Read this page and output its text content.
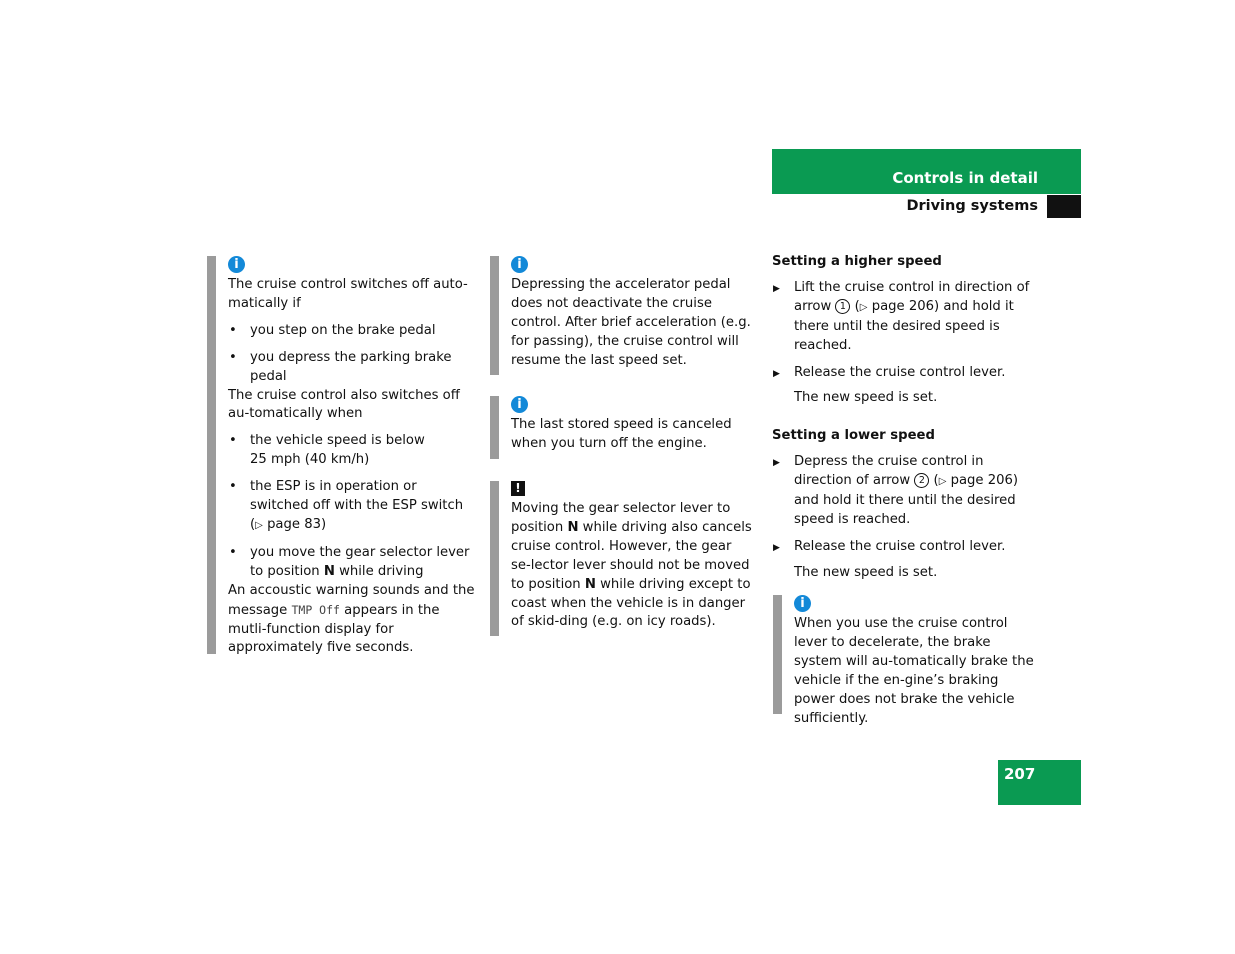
Controls in detail
Driving systems
i

The cruise control switches off auto-matically if

• you step on the brake pedal
• you depress the parking brake pedal

The cruise control also switches off au-tomatically when

• the vehicle speed is below
25 mph (40 km/h)
• the ESP is in operation or switched off with the ESP switch (▷ page 83)
• you move the gear selector lever to position N while driving

An accoustic warning sounds and the message TMP Off appears in the mutli-function display for approximately five seconds.

i

Depressing the accelerator pedal does not deactivate the cruise control. After brief acceleration (e.g. for passing), the cruise control will resume the last speed set.

i

The last stored speed is canceled when you turn off the engine.

!

Moving the gear selector lever to position N while driving also cancels cruise control. However, the gear se-lector lever should not be moved to position N while driving except to coast when the vehicle is in danger of skid-ding (e.g. on icy roads).

Setting a higher speed

▶ Lift the cruise control in direction of arrow 1 (▷ page 206) and hold it there until the desired speed is reached.
▶ Release the cruise control lever.

The new speed is set.

Setting a lower speed

▶ Depress the cruise control in direction of arrow 2 (▷ page 206) and hold it there until the desired speed is reached.
▶ Release the cruise control lever.

The new speed is set.

i

When you use the cruise control lever to decelerate, the brake system will au-tomatically brake the vehicle if the en-gine’s braking power does not brake the vehicle sufficiently.

207
